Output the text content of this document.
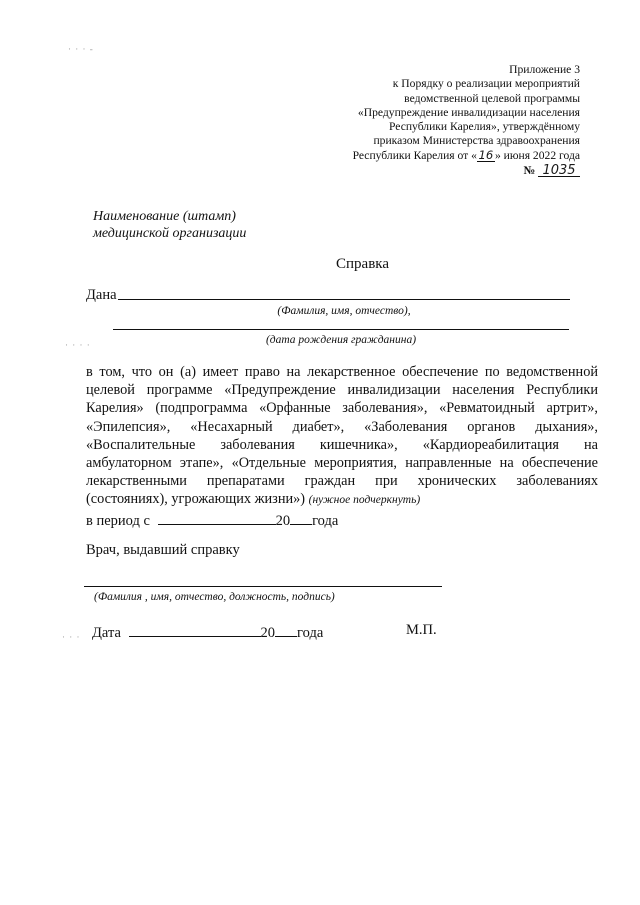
· · · -
· · · ·
· · ·
Приложение 3
к Порядку о реализации мероприятий
ведомственной целевой программы
«Предупреждение инвалидизации населения
Республики Карелия», утверждённому
приказом Министерства здравоохранения
Республики Карелия от « 16 » июня 2022 года
№ 1035
Наименование (штамп)
медицинской организации
Справка
Дана
(Фамилия, имя, отчество),
(дата рождения гражданина)
в том, что он (а) имеет право на лекарственное обеспечение по ведомственной целевой программе «Предупреждение инвалидизации населения Республики Карелия» (подпрограмма «Орфанные заболевания», «Ревматоидный артрит», «Эпилепсия», «Несахарный диабет», «Заболевания органов дыхания», «Воспалительные заболевания кишечника», «Кардиореабилитация на амбулаторном этапе», «Отдельные мероприятия, направленные на обеспечение лекарственными препаратами граждан при хронических заболеваниях (состояниях), угрожающих жизни») (нужное подчеркнуть)
в период с	20 года
Врач, выдавший справку
(Фамилия , имя, отчество, должность, подпись)
Дата	20 года	М.П.
